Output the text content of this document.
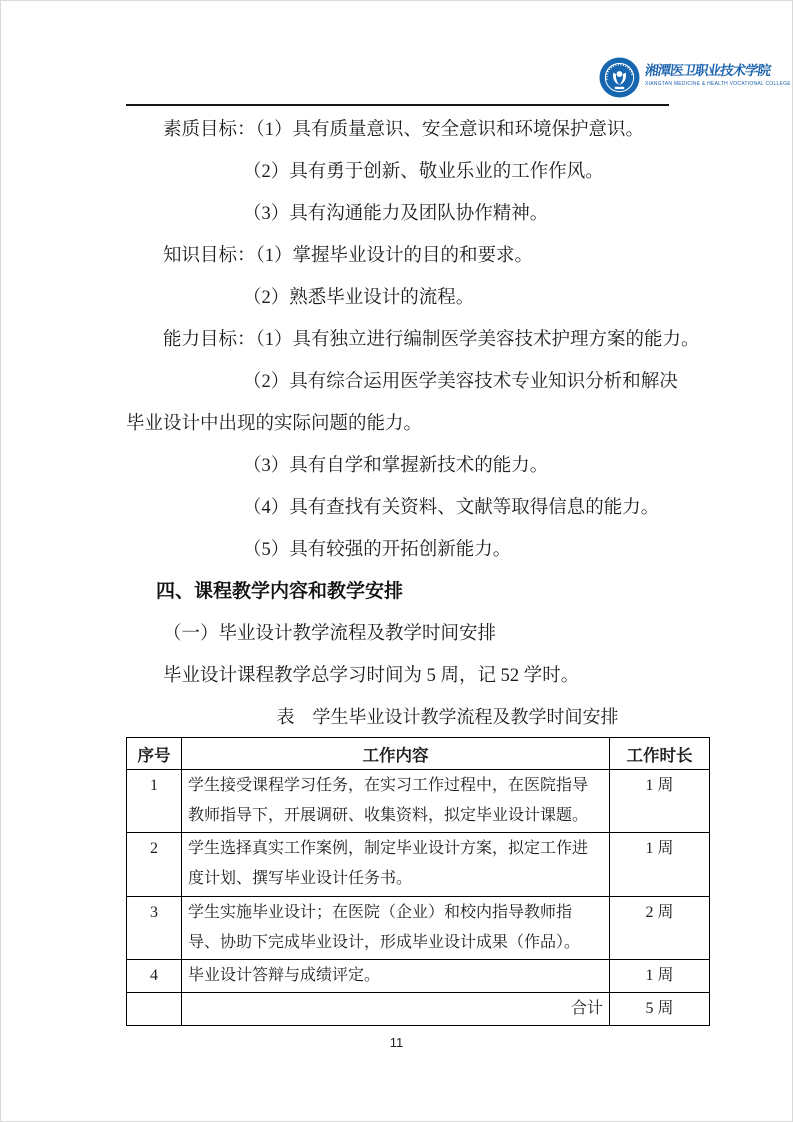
湘潭医卫职业技术学院
XIANGTAN MEDICINE & HEALTH VOCATIONAL COLLEGE
素质目标：（1）具有质量意识、安全意识和环境保护意识。
（2）具有勇于创新、敬业乐业的工作作风。
（3）具有沟通能力及团队协作精神。
知识目标：（1）掌握毕业设计的目的和要求。
（2）熟悉毕业设计的流程。
能力目标：（1）具有独立进行编制医学美容技术护理方案的能力。
（2）具有综合运用医学美容技术专业知识分析和解决
毕业设计中出现的实际问题的能力。
（3）具有自学和掌握新技术的能力。
（4）具有查找有关资料、文献等取得信息的能力。
（5）具有较强的开拓创新能力。
四、课程教学内容和教学安排
（一）毕业设计教学流程及教学时间安排
毕业设计课程教学总学习时间为 5 周，记 52 学时。
表　学生毕业设计教学流程及教学时间安排
序号	工作内容	工作时长
1	学生接受课程学习任务，在实习工作过程中，在医院指导教师指导下，开展调研、收集资料，拟定毕业设计课题。	1 周
2	学生选择真实工作案例，制定毕业设计方案，拟定工作进度计划、撰写毕业设计任务书。	1 周
3	学生实施毕业设计；在医院（企业）和校内指导教师指导、协助下完成毕业设计，形成毕业设计成果（作品）。	2 周
4	毕业设计答辩与成绩评定。	1 周
	合计	5 周
11
